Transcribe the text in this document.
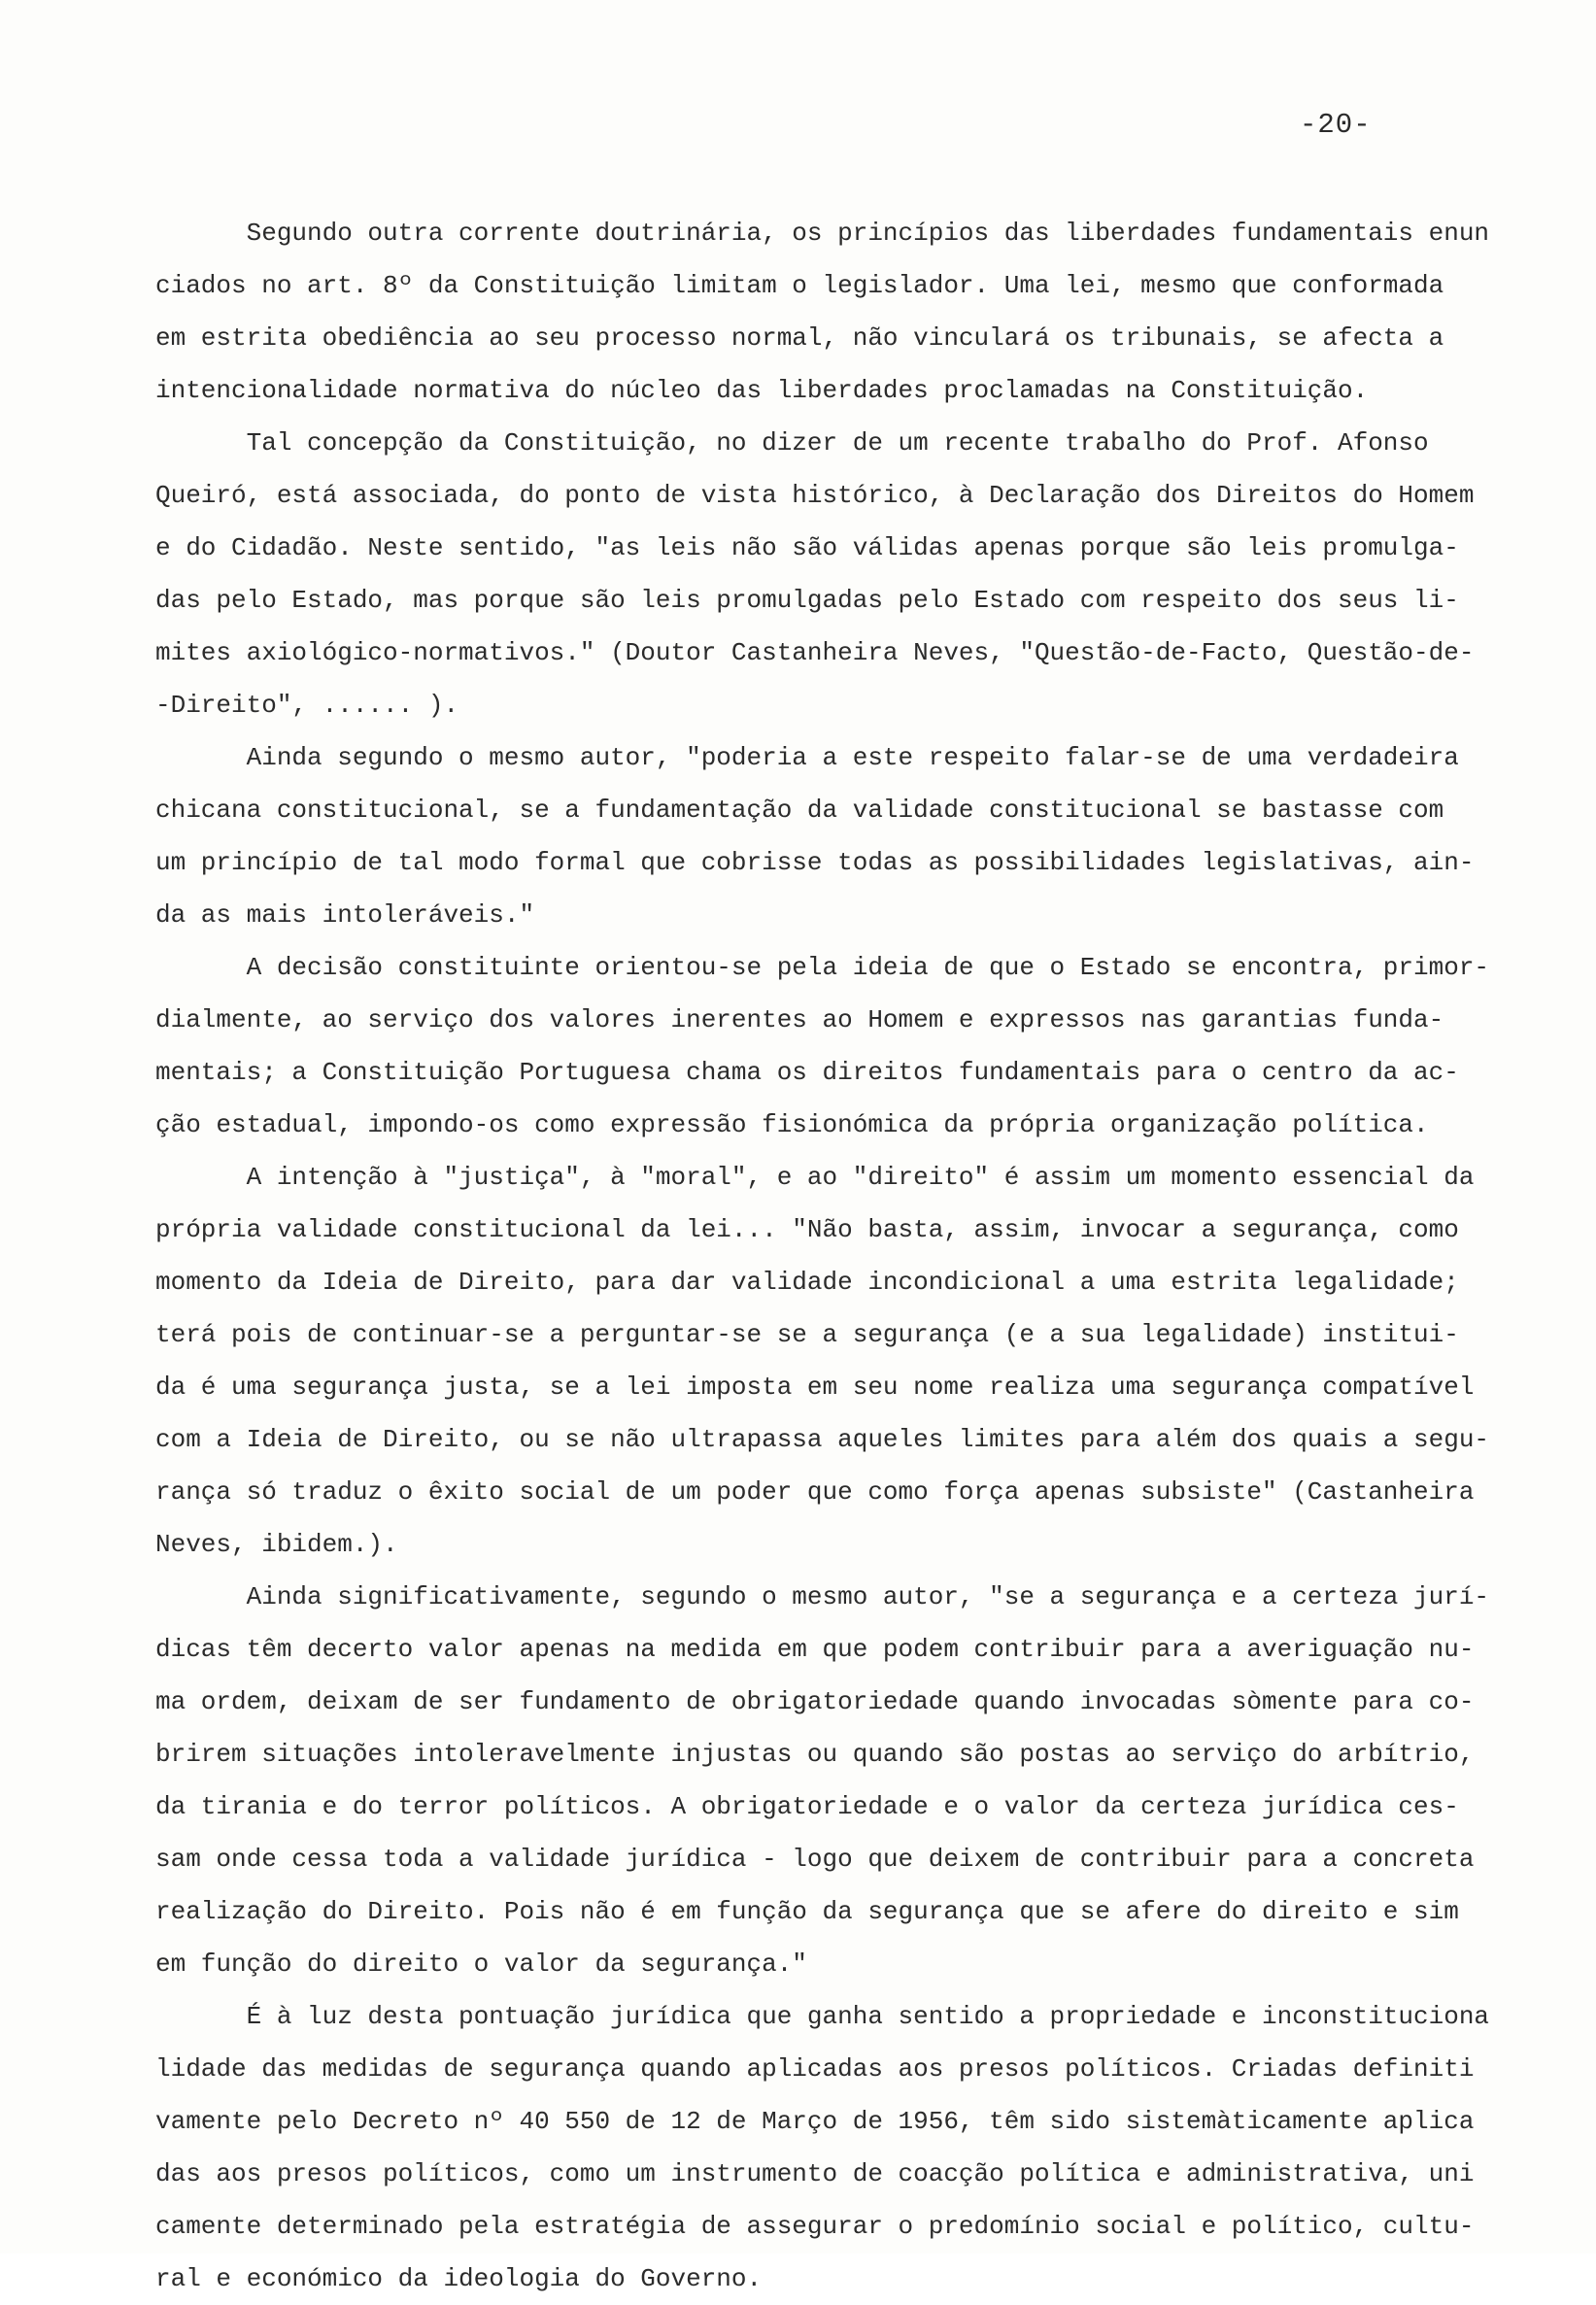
-20-
Segundo outra corrente doutrinária, os princípios das liberdades fundamentais enun
ciados no art. 8º da Constituição limitam o legislador. Uma lei, mesmo que conformada
em estrita obediência ao seu processo normal, não vinculará os tribunais, se afecta a
intencionalidade normativa do núcleo das liberdades proclamadas na Constituição.
Tal concepção da Constituição, no dizer de um recente trabalho do Prof. Afonso
Queiró, está associada, do ponto de vista histórico, à Declaração dos Direitos do Homem
e do Cidadão. Neste sentido, "as leis não são válidas apenas porque são leis promulga-
das pelo Estado, mas porque são leis promulgadas pelo Estado com respeito dos seus li-
mites axiológico-normativos." (Doutor Castanheira Neves, "Questão-de-Facto, Questão-de-
-Direito", ...... ).
Ainda segundo o mesmo autor, "poderia a este respeito falar-se de uma verdadeira
chicana constitucional, se a fundamentação da validade constitucional se bastasse com
um princípio de tal modo formal que cobrisse todas as possibilidades legislativas, ain-
da as mais intoleráveis."
A decisão constituinte orientou-se pela ideia de que o Estado se encontra, primor-
dialmente, ao serviço dos valores inerentes ao Homem e expressos nas garantias funda-
mentais; a Constituição Portuguesa chama os direitos fundamentais para o centro da ac-
ção estadual, impondo-os como expressão fisionómica da própria organização política.
A intenção à "justiça", à "moral", e ao "direito" é assim um momento essencial da
própria validade constitucional da lei... "Não basta, assim, invocar a segurança, como
momento da Ideia de Direito, para dar validade incondicional a uma estrita legalidade;
terá pois de continuar-se a perguntar-se se a segurança (e a sua legalidade) institui-
da é uma segurança justa, se a lei imposta em seu nome realiza uma segurança compatível
com a Ideia de Direito, ou se não ultrapassa aqueles limites para além dos quais a segu-
rança só traduz o êxito social de um poder que como força apenas subsiste" (Castanheira
Neves, ibidem.).
Ainda significativamente, segundo o mesmo autor, "se a segurança e a certeza jurí-
dicas têm decerto valor apenas na medida em que podem contribuir para a averiguação nu-
ma ordem, deixam de ser fundamento de obrigatoriedade quando invocadas sòmente para co-
brirem situações intoleravelmente injustas ou quando são postas ao serviço do arbítrio,
da tirania e do terror políticos. A obrigatoriedade e o valor da certeza jurídica ces-
sam onde cessa toda a validade jurídica - logo que deixem de contribuir para a concreta
realização do Direito. Pois não é em função da segurança que se afere do direito e sim
em função do direito o valor da segurança."
É à luz desta pontuação jurídica que ganha sentido a propriedade e inconstituciona
lidade das medidas de segurança quando aplicadas aos presos políticos. Criadas definiti
vamente pelo Decreto nº 40 550 de 12 de Março de 1956, têm sido sistemàticamente aplica
das aos presos políticos, como um instrumento de coacção política e administrativa, uni
camente determinado pela estratégia de assegurar o predomínio social e político, cultu-
ral e económico da ideologia do Governo.
